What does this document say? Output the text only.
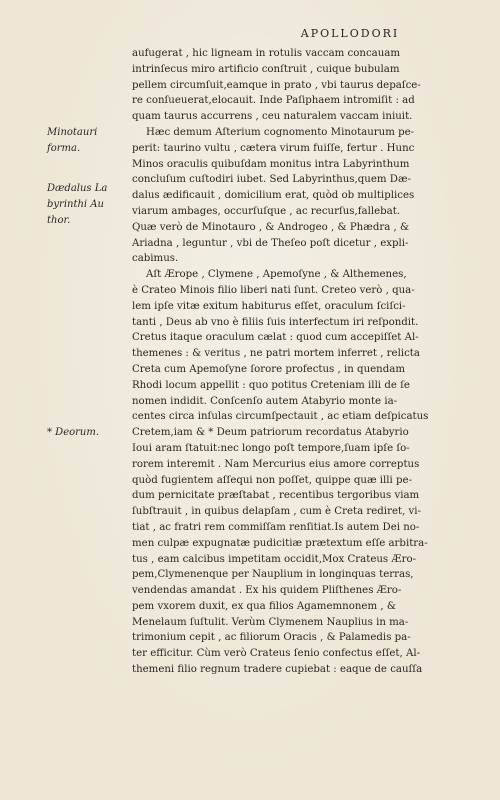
APOLLODORI
Minotauri
forma.
Dædalus La
byrinthi Au
thor.
* Deorum.
aufugerat , hic ligneam in rotulis vaccam concauam
intrinſecus miro artificio conſtruit , cuique bubulam
pellem circumſuit,eamque in prato , vbi taurus depaſce-
re conſueuerat,elocauit. Inde Paſiphaem intromiſit : ad
quam taurus accurrens , ceu naturalem vaccam iniuit.
Hæc demum Aſterium cognomento Minotaurum pe-
perit: taurino vultu , cætera virum fuiſſe, fertur . Hunc
Minos oraculis quibuſdam monitus intra Labyrinthum
concluſum cuſtodiri iubet. Sed Labyrinthus,quem Dæ-
dalus ædificauit , domicilium erat, quòd ob multiplices
viarum ambages, occurſuſque , ac recurſus,fallebat.
Quæ verò de Minotauro , & Androgeo , & Phædra , &
Ariadna , leguntur , vbi de Theſeo poſt dicetur , expli-
cabimus.
Aſt Ærope , Clymene , Apemoſyne , & Althemenes,
è Crateo Minois filio liberi nati ſunt. Creteo verò , qua-
lem ipſe vitæ exitum habiturus eſſet, oraculum ſciſci-
tanti , Deus ab vno è filiis ſuis interfectum iri reſpondit.
Cretus itaque oraculum cælat : quod cum accepiſſet Al-
themenes : & veritus , ne patri mortem inferret , relicta
Creta cum Apemoſyne ſorore profectus , in quendam
Rhodi locum appellit : quo potitus Creteniam illi de ſe
nomen indidit. Conſcenſo autem Atabyrio monte ia-
centes circa inſulas circumſpectauit , ac etiam deſpicatus
Cretem,iam & * Deum patriorum recordatus Atabyrio
Ioui aram ſtatuit:nec longo poſt tempore,ſuam ipſe ſo-
rorem interemit . Nam Mercurius eius amore correptus
quòd fugientem aſſequi non poſſet, quippe quæ illi pe-
dum pernicitate præſtabat , recentibus tergoribus viam
ſubſtrauit , in quibus delapſam , cum è Creta rediret, vi-
tiat , ac fratri rem commiſſam renſitiat.Is autem Dei no-
men culpæ expugnatæ pudicitiæ prætextum eſſe arbitra-
tus , eam calcibus impetitam occidit,Mox Crateus Æro-
pem,Clymenenque per Nauplium in longinquas terras,
vendendas amandat . Ex his quidem Pliſthenes Æro-
pem vxorem duxit, ex qua filios Agamemnonem , &
Menelaum ſuſtulit. Verùm Clymenem Nauplius in ma-
trimonium cepit , ac filiorum Oracis , & Palamedis pa-
ter efficitur. Cùm verò Crateus ſenio confectus eſſet, Al-
themeni filio regnum tradere cupiebat : eaque de cauſſa
